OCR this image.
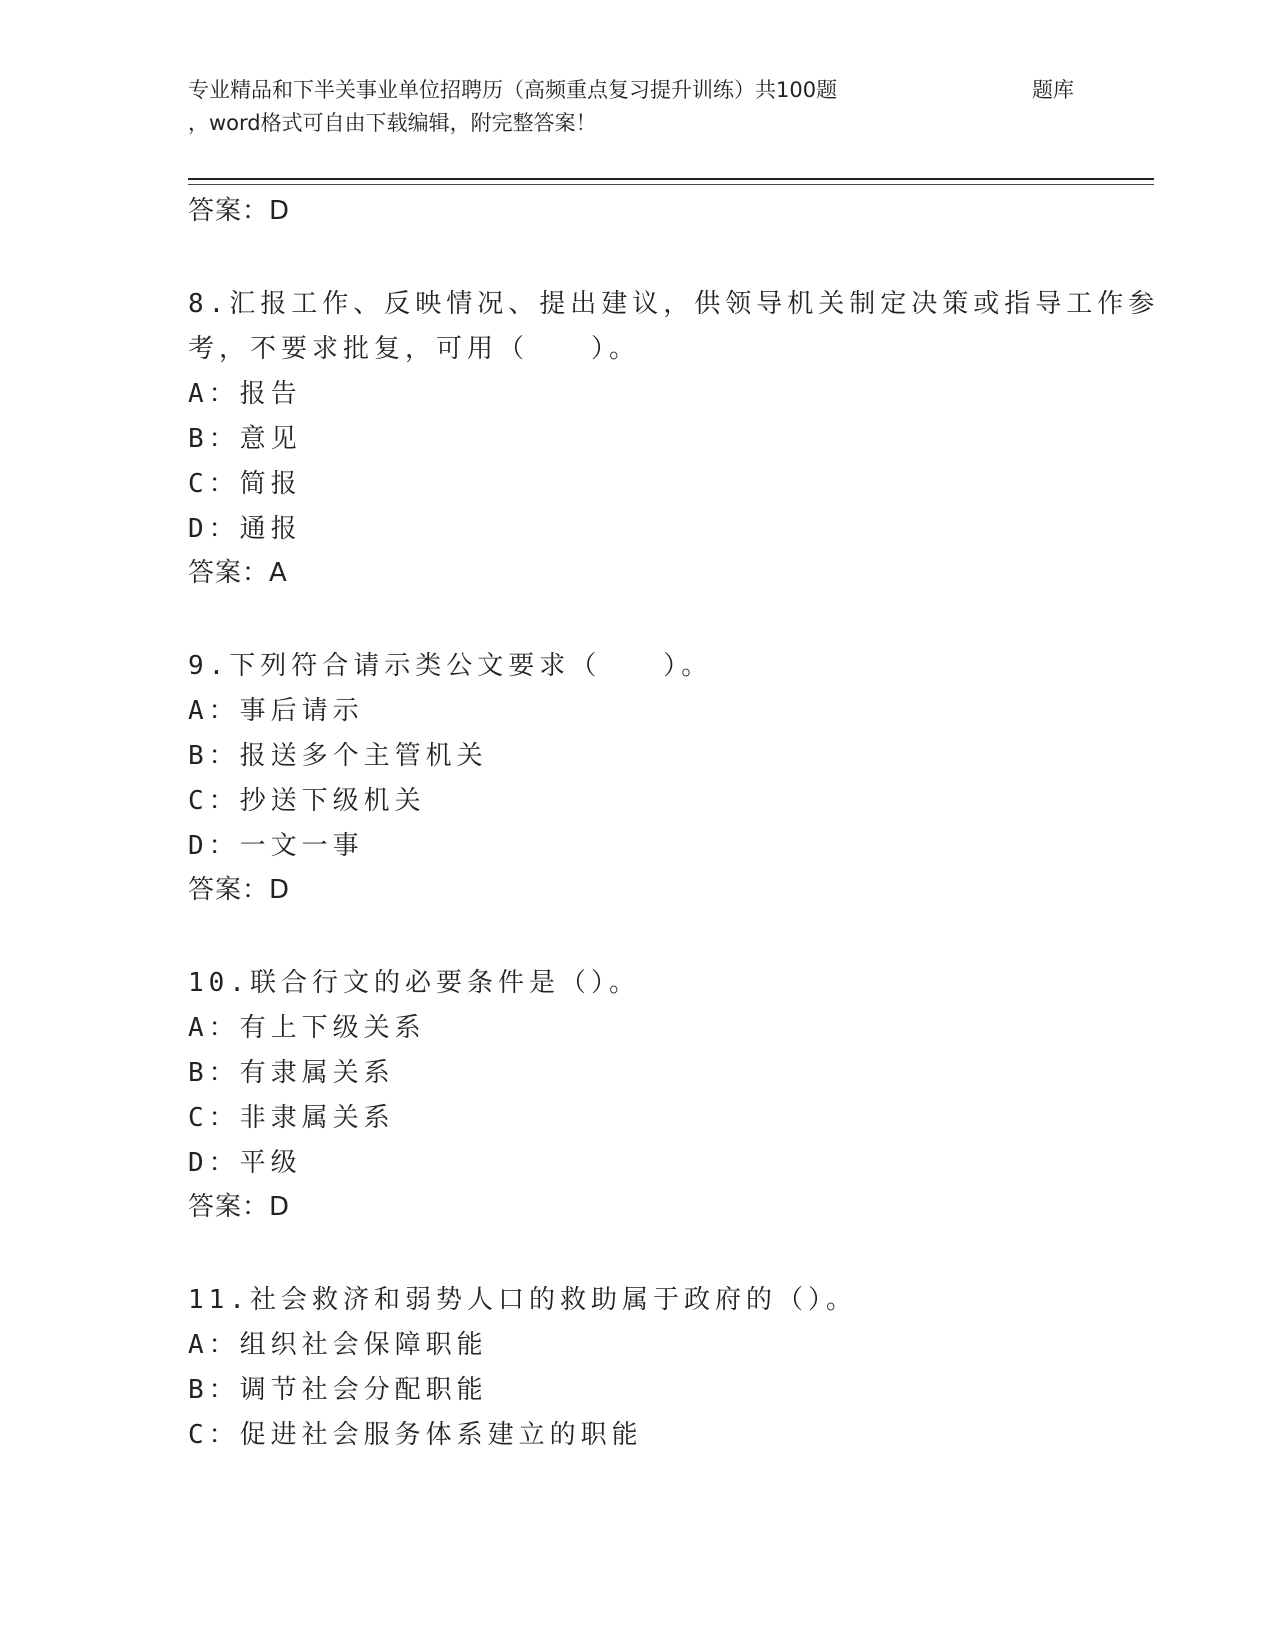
专业精品和下半关事业单位招聘历（高频重点复习提升训练）共100题	题库
，word格式可自由下载编辑，附完整答案！
答案：D
8.汇报工作、反映情况、提出建议，供领导机关制定决策或指导工作参考，不要求批复，可用（　　）。
A：报告
B：意见
C：简报
D：通报
答案：A
9.下列符合请示类公文要求（　　）。
A：事后请示
B：报送多个主管机关
C：抄送下级机关
D：一文一事
答案：D
10.联合行文的必要条件是（）。
A：有上下级关系
B：有隶属关系
C：非隶属关系
D：平级
答案：D
11.社会救济和弱势人口的救助属于政府的（）。
A：组织社会保障职能
B：调节社会分配职能
C：促进社会服务体系建立的职能
